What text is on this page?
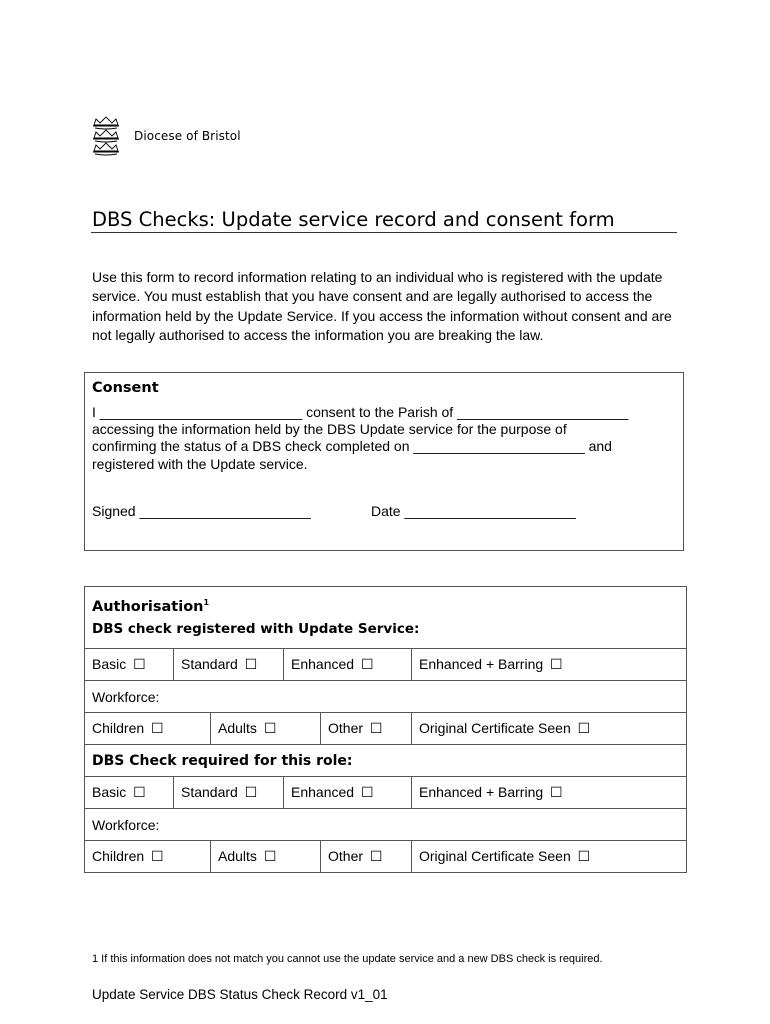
Diocese of Bristol
DBS Checks: Update service record and consent form
Use this form to record information relating to an individual who is registered with the update service. You must establish that you have consent and are legally authorised to access the information held by the Update Service. If you access the information without consent and are not legally authorised to access the information you are breaking the law.
Consent
I __________________________ consent to the Parish of ______________________
accessing the information held by the DBS Update service for the purpose of
confirming the status of a DBS check completed on ______________________ and
registered with the Update service.
Signed ______________________	Date ______________________
Authorisation$^1$
DBS check registered with Update Service:					

Basic ☐	Standard ☐		Enhanced ☐		Enhanced + Barring ☐
Workforce:					
Children ☐		Adults ☐		Other ☐	Original Certificate Seen ☐
DBS Check required for this role:					
Basic ☐	Standard ☐		Enhanced ☐		Enhanced + Barring ☐
Workforce:					
Children ☐		Adults ☐		Other ☐	Original Certificate Seen ☐
1 If this information does not match you cannot use the update service and a new DBS check is required.
Update Service DBS Status Check Record v1_01
